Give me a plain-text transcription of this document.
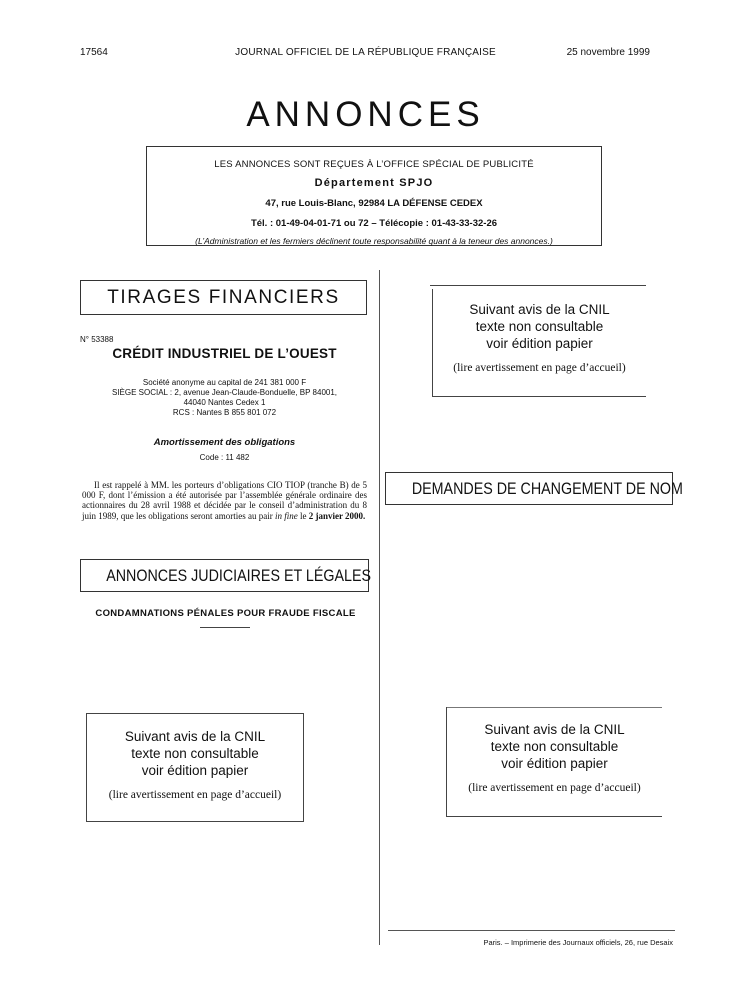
17564	JOURNAL OFFICIEL DE LA RÉPUBLIQUE FRANÇAISE	25 novembre 1999
ANNONCES
LES ANNONCES SONT REÇUES À L’OFFICE SPÉCIAL DE PUBLICITÉ
Département SPJO
47, rue Louis-Blanc, 92984 LA DÉFENSE CEDEX
Tél. : 01-49-04-01-71 ou 72 – Télécopie : 01-43-33-32-26
(L’Administration et les fermiers déclinent toute responsabilité quant à la teneur des annonces.)
TIRAGES FINANCIERS
N° 53388
CRÉDIT INDUSTRIEL DE L’OUEST
Société anonyme au capital de 241 381 000 F
SIÈGE SOCIAL : 2, avenue Jean-Claude-Bonduelle, BP 84001,
44040 Nantes Cedex 1
RCS : Nantes B 855 801 072
Amortissement des obligations
Code : 11 482
Il est rappelé à MM. les porteurs d’obligations CIO TIOP (tranche B) de 5 000 F, dont l’émission a été autorisée par l’assemblée générale ordinaire des actionnaires du 28 avril 1988 et décidée par le conseil d’administration du 8 juin 1989, que les obligations seront amorties au pair in fine le 2 janvier 2000.
ANNONCES JUDICIAIRES ET LÉGALES
CONDAMNATIONS PÉNALES POUR FRAUDE FISCALE
Suivant avis de la CNIL
texte non consultable
voir édition papier
(lire avertissement en page d’accueil)
Suivant avis de la CNIL
texte non consultable
voir édition papier
(lire avertissement en page d’accueil)
DEMANDES DE CHANGEMENT DE NOM
Suivant avis de la CNIL
texte non consultable
voir édition papier
(lire avertissement en page d’accueil)
Paris. – Imprimerie des Journaux officiels, 26, rue Desaix
